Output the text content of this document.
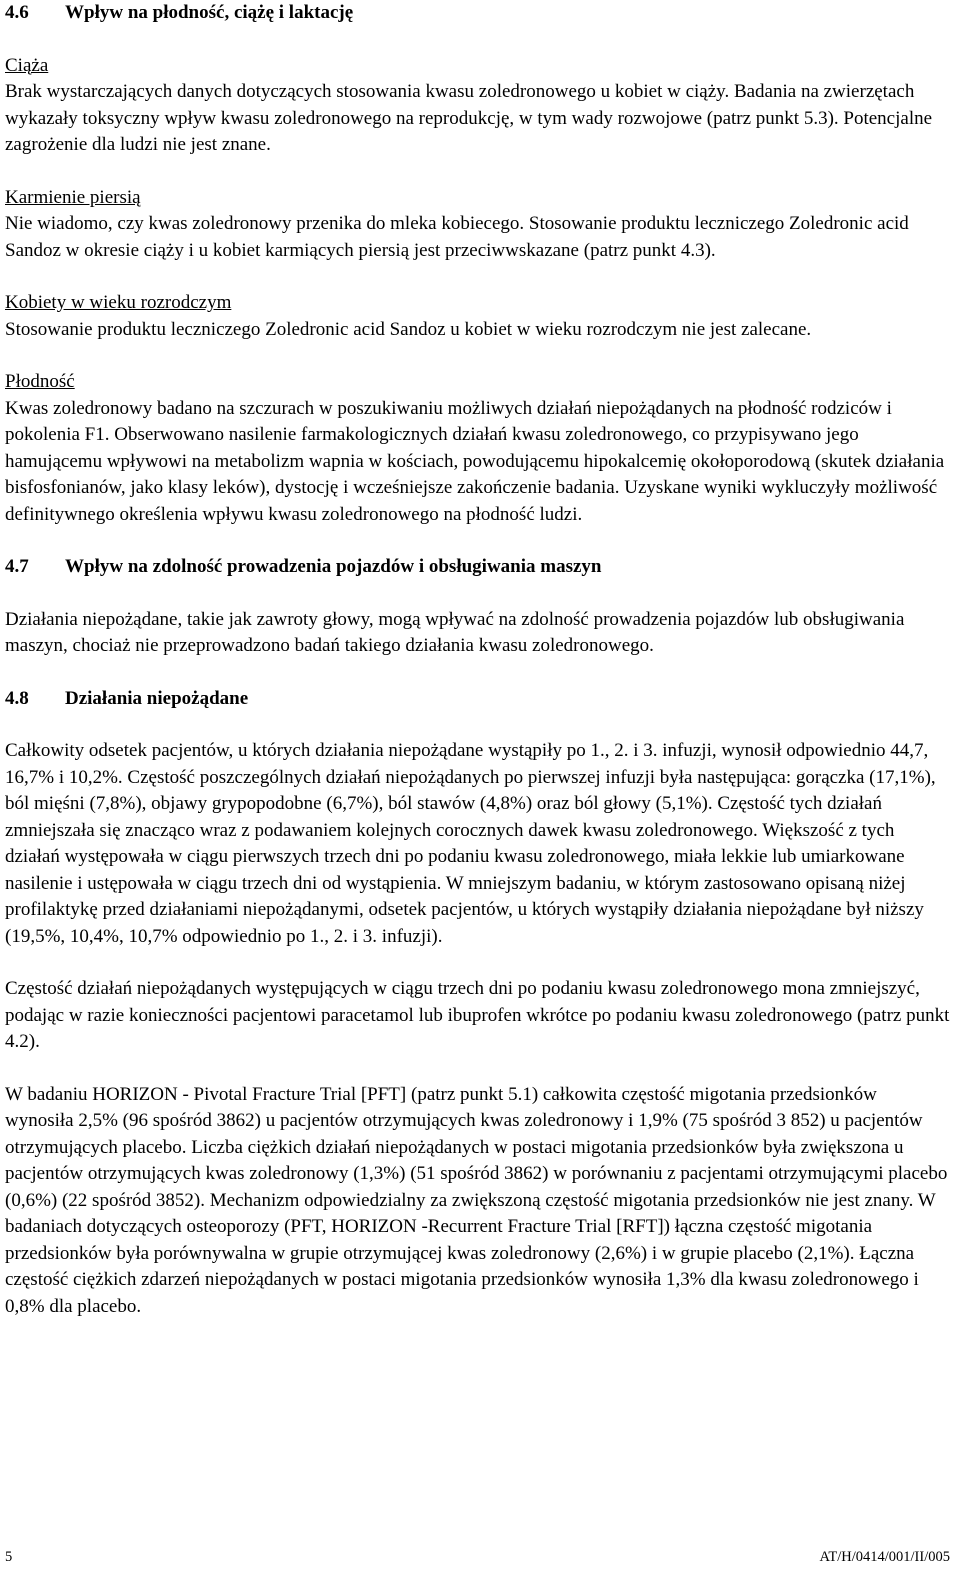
4.6	Wpływ na płodność, ciążę i laktację

Ciąża

Brak wystarczających danych dotyczących stosowania kwasu zoledronowego u kobiet w ciąży. Badania na zwierzętach wykazały toksyczny wpływ kwasu zoledronowego na reprodukcję, w tym wady rozwojowe (patrz punkt 5.3). Potencjalne zagrożenie dla ludzi nie jest znane.

Karmienie piersią

Nie wiadomo, czy kwas zoledronowy przenika do mleka kobiecego. Stosowanie produktu leczniczego Zoledronic acid Sandoz w okresie ciąży i u kobiet karmiących piersią jest przeciwwskazane (patrz punkt 4.3).

Kobiety w wieku rozrodczym

Stosowanie produktu leczniczego Zoledronic acid Sandoz u kobiet w wieku rozrodczym nie jest zalecane.

Płodność

Kwas zoledronowy badano na szczurach w poszukiwaniu możliwych działań niepożądanych na płodność rodziców i pokolenia F1. Obserwowano nasilenie farmakologicznych działań kwasu zoledronowego, co przypisywano jego hamującemu wpływowi na metabolizm wapnia w kościach, powodującemu hipokalcemię okołoporodową (skutek działania bisfosfonianów, jako klasy leków), dystocję i wcześniejsze zakończenie badania. Uzyskane wyniki wykluczyły możliwość definitywnego określenia wpływu kwasu zoledronowego na płodność ludzi.

4.7	Wpływ na zdolność prowadzenia pojazdów i obsługiwania maszyn

Działania niepożądane, takie jak zawroty głowy, mogą wpływać na zdolność prowadzenia pojazdów lub obsługiwania maszyn, chociaż nie przeprowadzono badań takiego działania kwasu zoledronowego.

4.8	Działania niepożądane

Całkowity odsetek pacjentów, u których działania niepożądane wystąpiły po 1., 2. i 3. infuzji, wynosił odpowiednio 44,7, 16,7% i 10,2%. Częstość poszczególnych działań niepożądanych po pierwszej infuzji była następująca: gorączka (17,1%), ból mięśni (7,8%), objawy grypopodobne (6,7%), ból stawów (4,8%) oraz ból głowy (5,1%). Częstość tych działań zmniejszała się znacząco wraz z podawaniem kolejnych corocznych dawek kwasu zoledronowego. Większość z tych działań występowała w ciągu pierwszych trzech dni po podaniu kwasu zoledronowego, miała lekkie lub umiarkowane nasilenie i ustępowała w ciągu trzech dni od wystąpienia. W mniejszym badaniu, w którym zastosowano opisaną niżej profilaktykę przed działaniami niepożądanymi, odsetek pacjentów, u których wystąpiły działania niepożądane był niższy (19,5%, 10,4%, 10,7% odpowiednio po 1., 2. i 3. infuzji).

Częstość działań niepożądanych występujących w ciągu trzech dni po podaniu kwasu zoledronowego mona zmniejszyć, podając w razie konieczności pacjentowi paracetamol lub ibuprofen wkrótce po podaniu kwasu zoledronowego (patrz punkt 4.2).

W badaniu HORIZON - Pivotal Fracture Trial [PFT] (patrz punkt 5.1) całkowita częstość migotania przedsionków wynosiła 2,5% (96 spośród 3862) u pacjentów otrzymujących kwas zoledronowy i 1,9% (75 spośród 3 852) u pacjentów otrzymujących placebo. Liczba ciężkich działań niepożądanych w postaci migotania przedsionków była zwiększona u pacjentów otrzymujących kwas zoledronowy (1,3%) (51 spośród 3862) w porównaniu z pacjentami otrzymującymi placebo (0,6%) (22 spośród 3852). Mechanizm odpowiedzialny za zwiększoną częstość migotania przedsionków nie jest znany. W badaniach dotyczących osteoporozy (PFT, HORIZON -Recurrent Fracture Trial [RFT]) łączna częstość migotania przedsionków była porównywalna w grupie otrzymującej kwas zoledronowy (2,6%) i w grupie placebo (2,1%). Łączna częstość ciężkich zdarzeń niepożądanych w postaci migotania przedsionków wynosiła 1,3% dla kwasu zoledronowego i 0,8% dla placebo.

5	AT/H/0414/001/II/005
